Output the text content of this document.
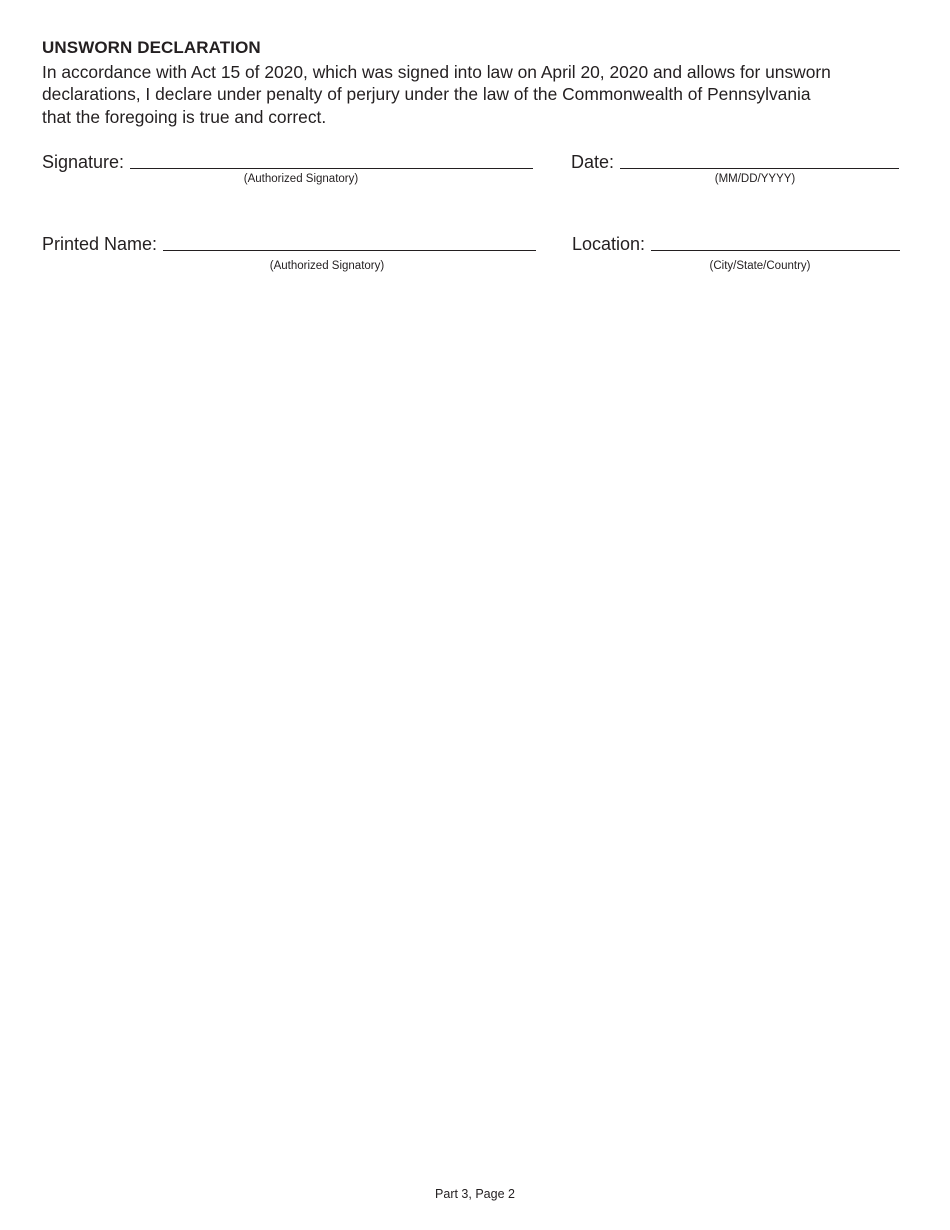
UNSWORN DECLARATION
In accordance with Act 15 of 2020, which was signed into law on April 20, 2020 and allows for unsworn
declarations, I declare under penalty of perjury under the law of the Commonwealth of Pennsylvania
that the foregoing is true and correct.
Signature:
(Authorized Signatory)
Date:
(MM/DD/YYYY)
Printed Name:
(Authorized Signatory)
Location:
(City/State/Country)
Part 3, Page 2
